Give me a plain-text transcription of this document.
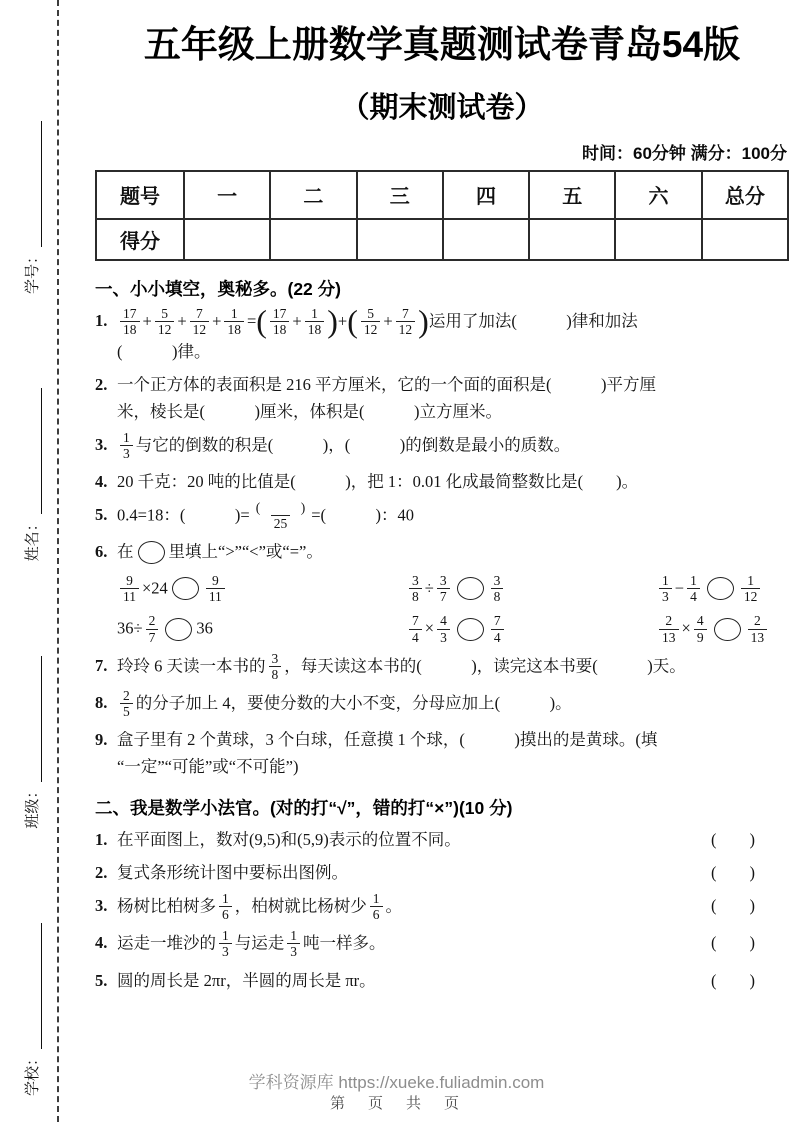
学校：
班级：
姓名：
学号：
五年级上册数学真题测试卷青岛54版
（期末测试卷）
时间：60分钟 满分：100分
题号	一	二	三	四	五	六	总分
得分							
一、小小填空，奥秘多。(22 分)
1. $\frac{17}{18} + \frac{5}{12} + \frac{7}{12} + \frac{1}{18}$ =( $\frac{17}{18} + \frac{1}{18}$ )+( $\frac{5}{12} + \frac{7}{12}$ )运用了加法(　　　)律和加法
(　　　)律。
2. 一个正方体的表面积是 216 平方厘米，它的一个面的面积是(　　　)平方厘
米，棱长是(　　　)厘米，体积是(　　　)立方厘米。
3. $\frac{1}{3}$ 与它的倒数的积是(　　　)，(　　　)的倒数是最小的质数。
4. 20 千克：20 吨的比值是(　　　)，把 1：0.01 化成最简整数比是(　　)。
5. 0.4=18：(　　　)= $\frac{( )}{25}$ =(　　　)：40
6. 在 里填上“>”“<”或“=”。
$\frac{9}{11} \times 24$	$\frac{9}{11}$	$\frac{3}{8} \div \frac{3}{7}$	$\frac{3}{8}$	$\frac{1}{3} - \frac{1}{4}$	$\frac{1}{12}$
$36\div \frac{2}{7} 36$	$\frac{7}{4} \times \frac{4}{3}$	$\frac{7}{4}$	$\frac{2}{13} \times \frac{4}{9}$	$\frac{2}{13}$
7. 玲玲 6 天读一本书的 $\frac{3}{8}$ ，每天读这本书的(　　　)，读完这本书要(　　　)天。
8. $\frac{2}{5}$ 的分子加上 4，要使分数的大小不变，分母应加上(　　　)。
9. 盒子里有 2 个黄球，3 个白球，任意摸 1 个球，(　　　)摸出的是黄球。(填
“一定”“可能”或“不可能”)
二、我是数学小法官。(对的打“√”，错的打“×”)(10 分)
1. 在平面图上，数对(9,5)和(5,9)表示的位置不同。	(　　)
2. 复式条形统计图中要标出图例。	(　　)
3. 杨树比柏树多 $\frac{1}{6}$ ，柏树就比杨树少 $\frac{1}{6}$ 。	(　　)
4. 运走一堆沙的 $\frac{1}{3}$ 与运走 $\frac{1}{3}$ 吨一样多。	(　　)
5. 圆的周长是 2πr，半圆的周长是 πr。	(　　)
学科资源库 https://xueke.fuliadmin.com
第　页　共　页
